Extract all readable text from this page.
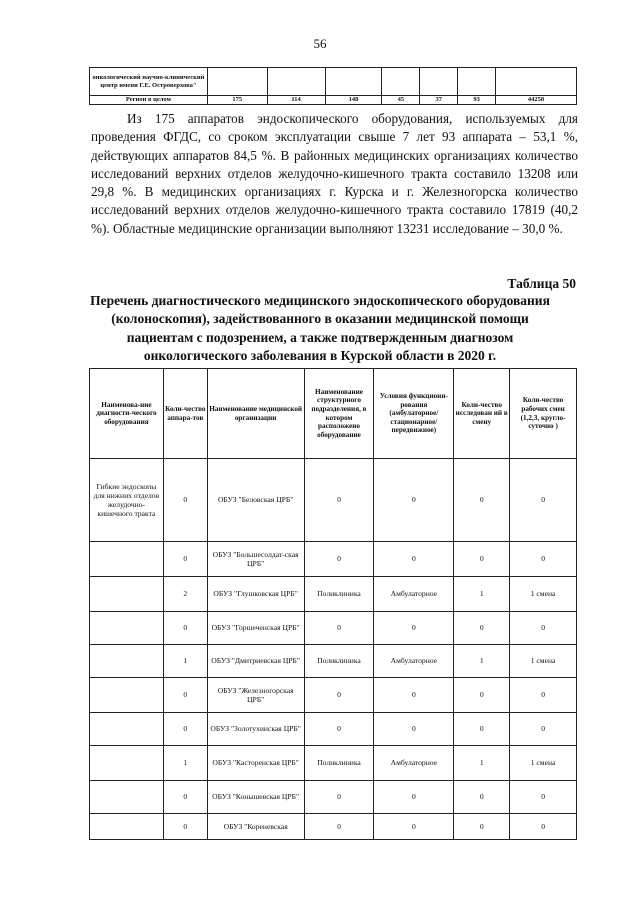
56
онкологический научно-клинический центр имени Г.Е. Островерхова"							
Регион в целом	175	114	148	45	37	93	44258

Из 175 аппаратов эндоскопического оборудования, используемых для проведения ФГДС, со сроком эксплуатации свыше 7 лет 93 аппарата – 53,1 %, действующих аппаратов 84,5 %. В районных медицинских организациях количество исследований верхних отделов желудочно-кишечного тракта составило 13208 или 29,8 %. В медицинских организациях г. Курска и г. Железногорска количество исследований верхних отделов желудочно-кишечного тракта составило 17819 (40,2 %). Областные медицинские организации выполняют 13231 исследование – 30,0 %.

Таблица 50
Перечень диагностического медицинского эндоскопического оборудования (колоноскопия), задействованного в оказании медицинской помощи пациентам с подозрением, а также подтвержденным диагнозом онкологического заболевания в Курской области в 2020 г.
Наименова-ние диагности-ческого оборудования	Коли-чество аппара-тов	Наименование медицинской организации	Наименование структурного подразделения, в котором расположено оборудование	Условия функциони-рования (амбулаторное/ стационарное/ передвижное)	Коли-чество исследован ий в смену	Коли-чество рабочих смен (1,2,3, кругло-суточно )
Гибкие эндоскопы для нижних отделов желудочно-кишечного тракта	0	ОБУЗ "Беловская ЦРБ"	0	0	0	0
	0	ОБУЗ "Большесолдат-ская ЦРБ"	0	0	0	0
	2	ОБУЗ "Глушковская ЦРБ"	Поликлиника	Амбулаторное	1	1 смена
	0	ОБУЗ "Горшеченская ЦРБ"	0	0	0	0
	1	ОБУЗ "Дмитриевская ЦРБ"	Поликлиника	Амбулаторное	1	1 смена
	0	ОБУЗ "Железногорская ЦРБ"	0	0	0	0
	0	ОБУЗ "Золотухинская ЦРБ"	0	0	0	0
	1	ОБУЗ "Касторенская ЦРБ"	Поликлиника	Амбулаторное	1	1 смена
	0	ОБУЗ "Конышевская ЦРБ"	0	0	0	0
	0	ОБУЗ "Кореневская	0	0	0	0
